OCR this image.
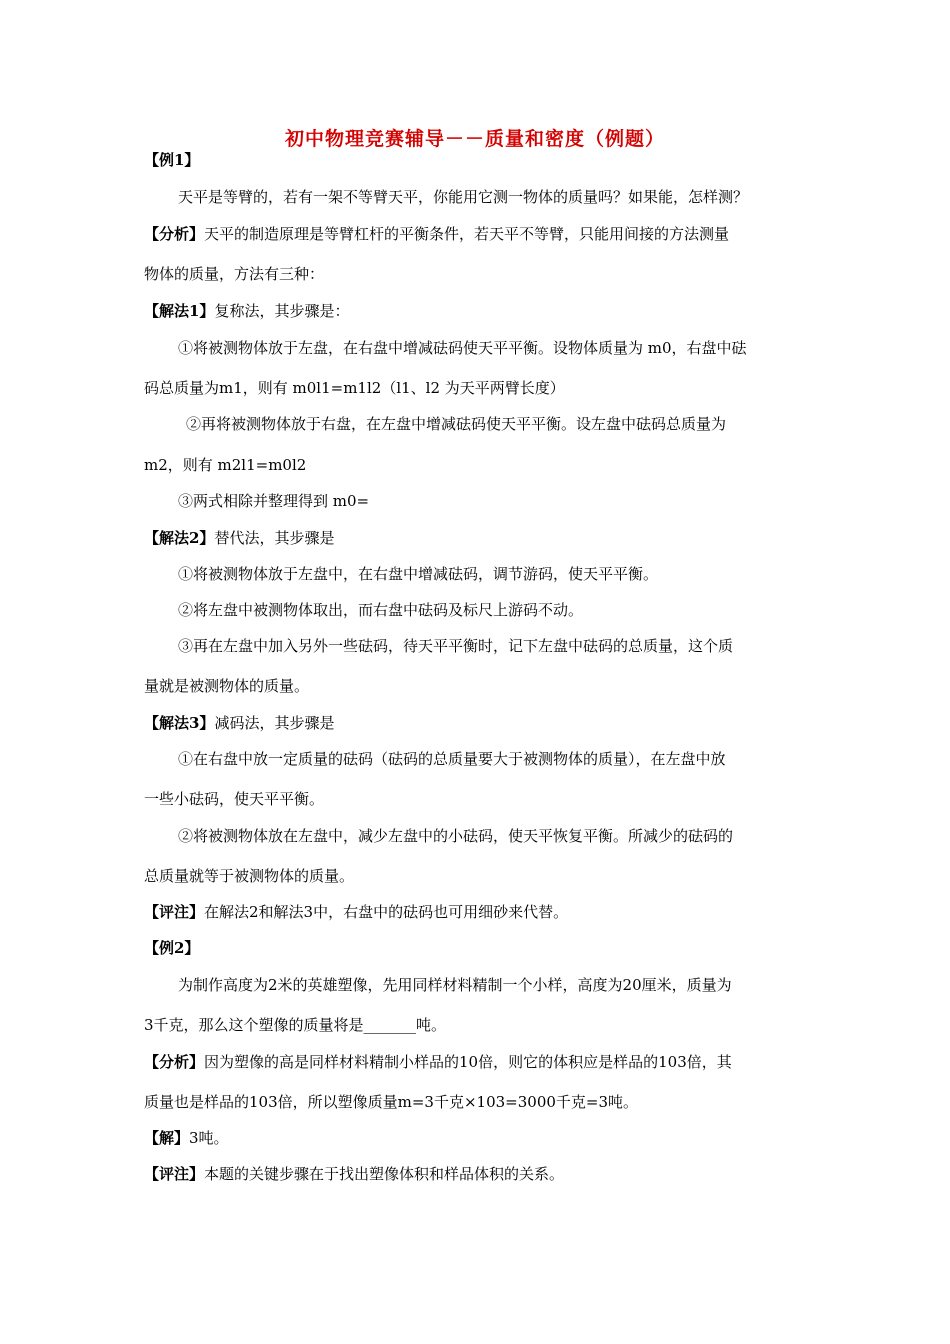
初中物理竞赛辅导－－质量和密度（例题）
【例1】
天平是等臂的，若有一架不等臂天平，你能用它测一物体的质量吗？如果能，怎样测？
【分析】天平的制造原理是等臂杠杆的平衡条件，若天平不等臂，只能用间接的方法测量
物体的质量，方法有三种：
【解法1】复称法，其步骤是：
①将被测物体放于左盘，在右盘中增减砝码使天平平衡。设物体质量为 m0，右盘中砝
码总质量为m1，则有 m0l1=m1l2（l1、l2 为天平两臂长度）
②再将被测物体放于右盘，在左盘中增减砝码使天平平衡。设左盘中砝码总质量为
m2，则有 m2l1=m0l2
③两式相除并整理得到 m0=
【解法2】替代法，其步骤是
①将被测物体放于左盘中，在右盘中增减砝码，调节游码，使天平平衡。
②将左盘中被测物体取出，而右盘中砝码及标尺上游码不动。
③再在左盘中加入另外一些砝码，待天平平衡时，记下左盘中砝码的总质量，这个质
量就是被测物体的质量。
【解法3】减码法，其步骤是
①在右盘中放一定质量的砝码（砝码的总质量要大于被测物体的质量），在左盘中放
一些小砝码，使天平平衡。
②将被测物体放在左盘中，减少左盘中的小砝码，使天平恢复平衡。所减少的砝码的
总质量就等于被测物体的质量。
【评注】在解法2和解法3中，右盘中的砝码也可用细砂来代替。
【例2】
为制作高度为2米的英雄塑像，先用同样材料精制一个小样，高度为20厘米，质量为
3千克，那么这个塑像的质量将是_______吨。
【分析】因为塑像的高是同样材料精制小样品的10倍，则它的体积应是样品的103倍，其
质量也是样品的103倍，所以塑像质量m=3千克×103=3000千克=3吨。
【解】3吨。
【评注】本题的关键步骤在于找出塑像体积和样品体积的关系。
